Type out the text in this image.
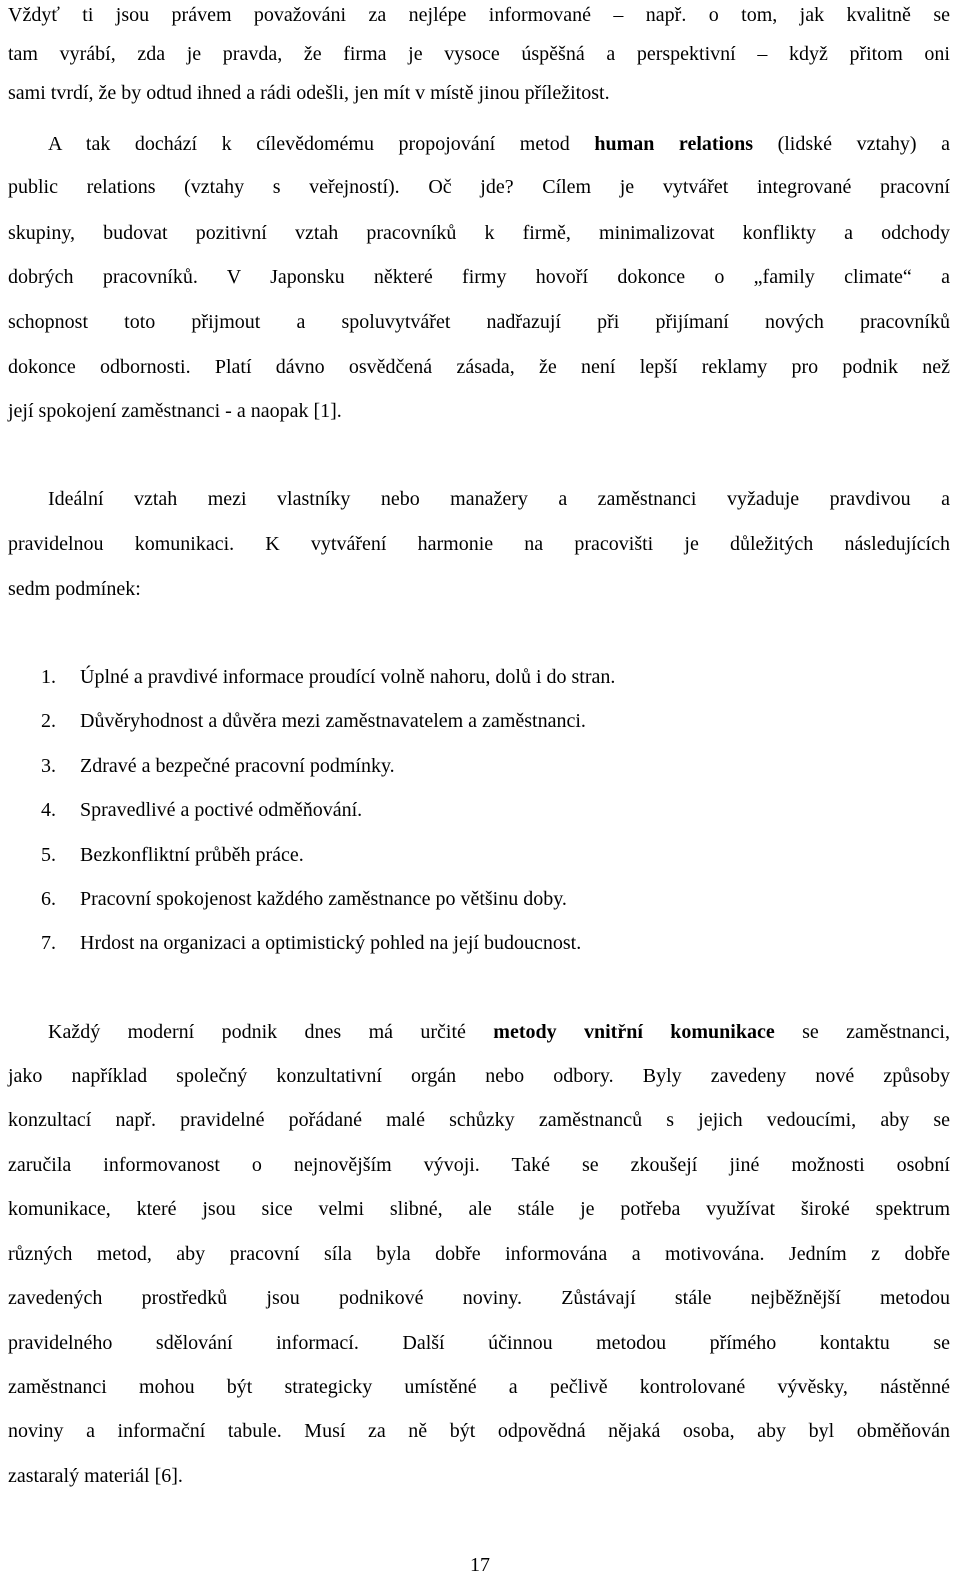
Vždyť ti jsou právem považováni za nejlépe informované – např. o tom, jak kvalitně se
tam vyrábí, zda je pravda, že firma je vysoce úspěšná a perspektivní – když přitom oni
sami tvrdí, že by odtud ihned a rádi odešli, jen mít v místě jinou příležitost.
A tak dochází k cílevědomému propojování metod human relations (lidské vztahy) a
public relations (vztahy s veřejností). Oč jde? Cílem je vytvářet integrované pracovní
skupiny, budovat pozitivní vztah pracovníků k firmě, minimalizovat konflikty a odchody
dobrých pracovníků. V Japonsku některé firmy hovoří dokonce o „family climate“ a
schopnost toto přijmout a spoluvytvářet nadřazují při přijímaní nových pracovníků
dokonce odbornosti. Platí dávno osvědčená zásada, že není lepší reklamy pro podnik než
její spokojení zaměstnanci - a naopak [1].
Ideální vztah mezi vlastníky nebo manažery a zaměstnanci vyžaduje pravdivou a
pravidelnou komunikaci. K vytváření harmonie na pracovišti je důležitých následujících
sedm podmínek:
1. Úplné a pravdivé informace proudící volně nahoru, dolů i do stran.
2. Důvěryhodnost a důvěra mezi zaměstnavatelem a zaměstnanci.
3. Zdravé a bezpečné pracovní podmínky.
4. Spravedlivé a poctivé odměňování.
5. Bezkonfliktní průběh práce.
6. Pracovní spokojenost každého zaměstnance po většinu doby.
7. Hrdost na organizaci a optimistický pohled na její budoucnost.
Každý moderní podnik dnes má určité metody vnitřní komunikace se zaměstnanci,
jako například společný konzultativní orgán nebo odbory. Byly zavedeny nové způsoby
konzultací např. pravidelné pořádané malé schůzky zaměstnanců s jejich vedoucími, aby se
zaručila informovanost o nejnovějším vývoji. Také se zkoušejí jiné možnosti osobní
komunikace, které jsou sice velmi slibné, ale stále je potřeba využívat široké spektrum
různých metod, aby pracovní síla byla dobře informována a motivována. Jedním z dobře
zavedených prostředků jsou podnikové noviny. Zůstávají stále nejběžnější metodou
pravidelného sdělování informací. Další účinnou metodou přímého kontaktu se
zaměstnanci mohou být strategicky umístěné a pečlivě kontrolované vývěsky, nástěnné
noviny a informační tabule. Musí za ně být odpovědná nějaká osoba, aby byl obměňován
zastaralý materiál [6].
17
